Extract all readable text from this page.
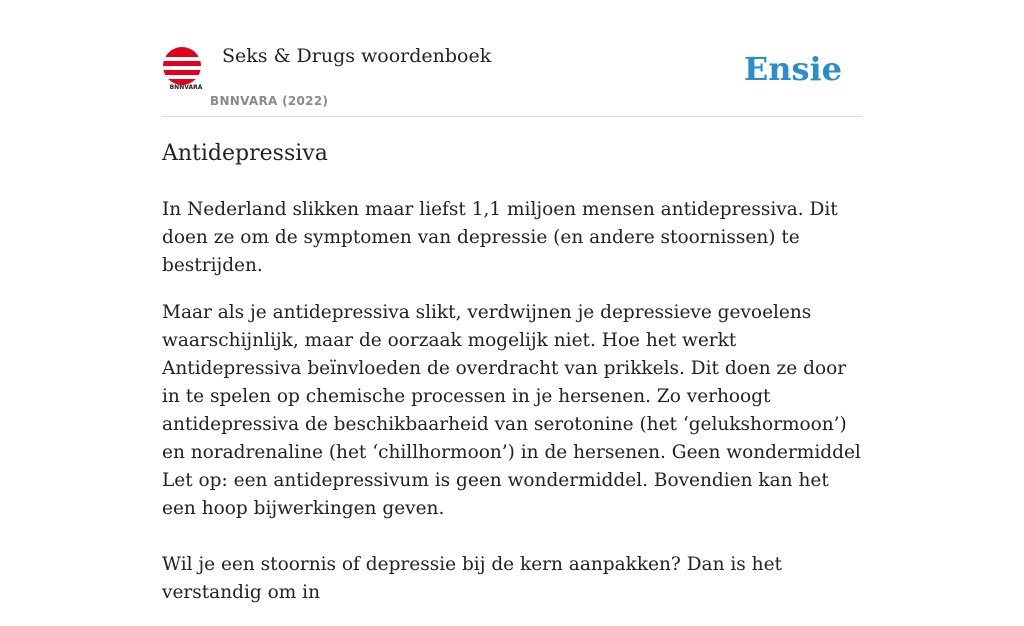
BNNVARA
Seks & Drugs woordenboek
BNNVARA (2022)
Ensie
Antidepressiva

In Nederland slikken maar liefst 1,1 miljoen mensen antidepressiva. Dit doen ze om de symptomen van depressie (en andere stoornissen) te bestrijden.

Maar als je antidepressiva slikt, verdwijnen je depressieve gevoelens waarschijnlijk, maar de oorzaak mogelijk niet. Hoe het werkt Antidepressiva beïnvloeden de overdracht van prikkels. Dit doen ze door in te spelen op chemische processen in je hersenen. Zo verhoogt antidepressiva de beschikbaarheid van serotonine (het ‘gelukshormoon’) en noradrenaline (het ‘chillhormoon’) in de hersenen. Geen wondermiddel Let op: een antidepressivum is geen wondermiddel. Bovendien kan het een hoop bijwerkingen geven.

Wil je een stoornis of depressie bij de kern aanpakken? Dan is het verstandig om in
